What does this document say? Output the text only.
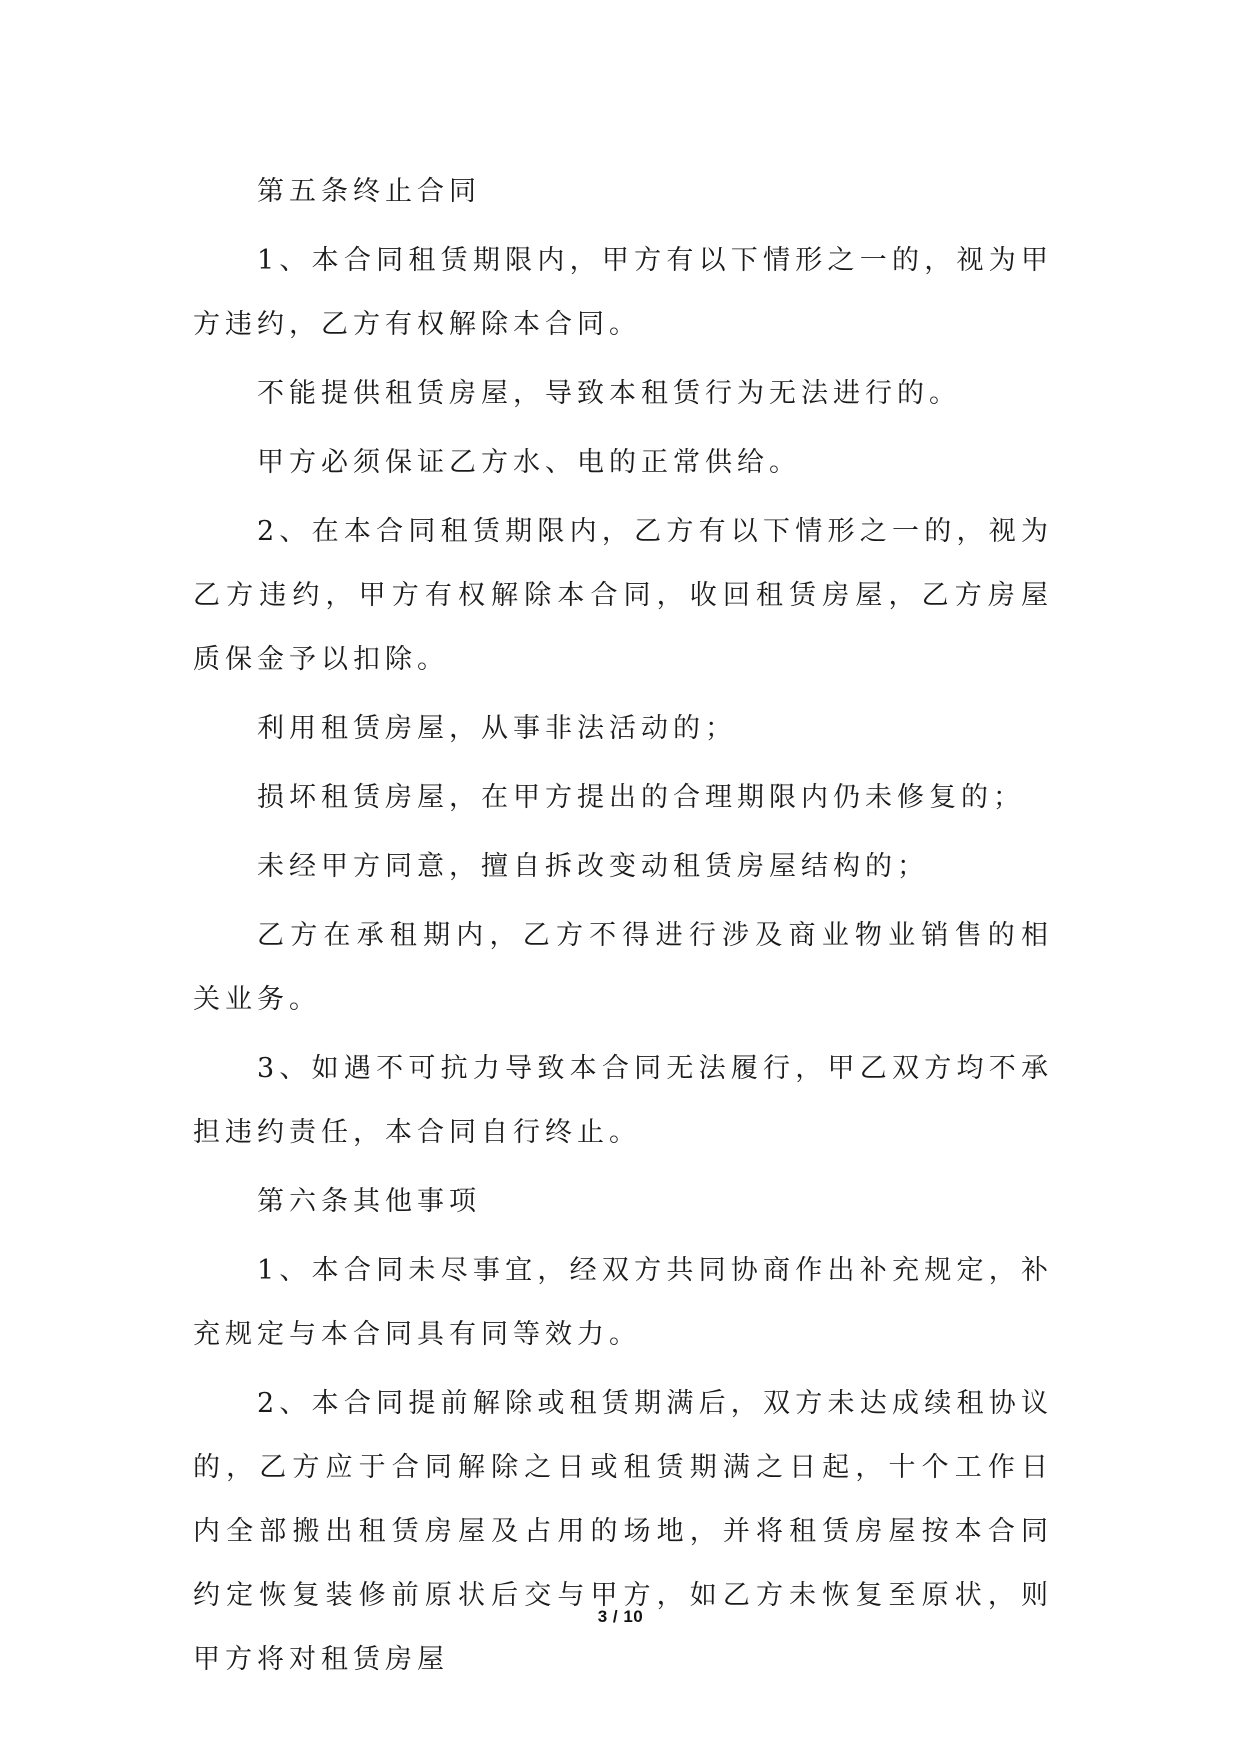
第五条终止合同

1、本合同租赁期限内，甲方有以下情形之一的，视为甲方违约，乙方有权解除本合同。

不能提供租赁房屋，导致本租赁行为无法进行的。

甲方必须保证乙方水、电的正常供给。

2、在本合同租赁期限内，乙方有以下情形之一的，视为乙方违约，甲方有权解除本合同，收回租赁房屋，乙方房屋质保金予以扣除。

利用租赁房屋，从事非法活动的；

损坏租赁房屋，在甲方提出的合理期限内仍未修复的；

未经甲方同意，擅自拆改变动租赁房屋结构的；

乙方在承租期内，乙方不得进行涉及商业物业销售的相关业务。

3、如遇不可抗力导致本合同无法履行，甲乙双方均不承担违约责任，本合同自行终止。

第六条其他事项

1、本合同未尽事宜，经双方共同协商作出补充规定，补充规定与本合同具有同等效力。

2、本合同提前解除或租赁期满后，双方未达成续租协议的，乙方应于合同解除之日或租赁期满之日起，十个工作日内全部搬出租赁房屋及占用的场地，并将租赁房屋按本合同约定恢复装修前原状后交与甲方，如乙方未恢复至原状，则甲方将对租赁房屋

3 / 10
